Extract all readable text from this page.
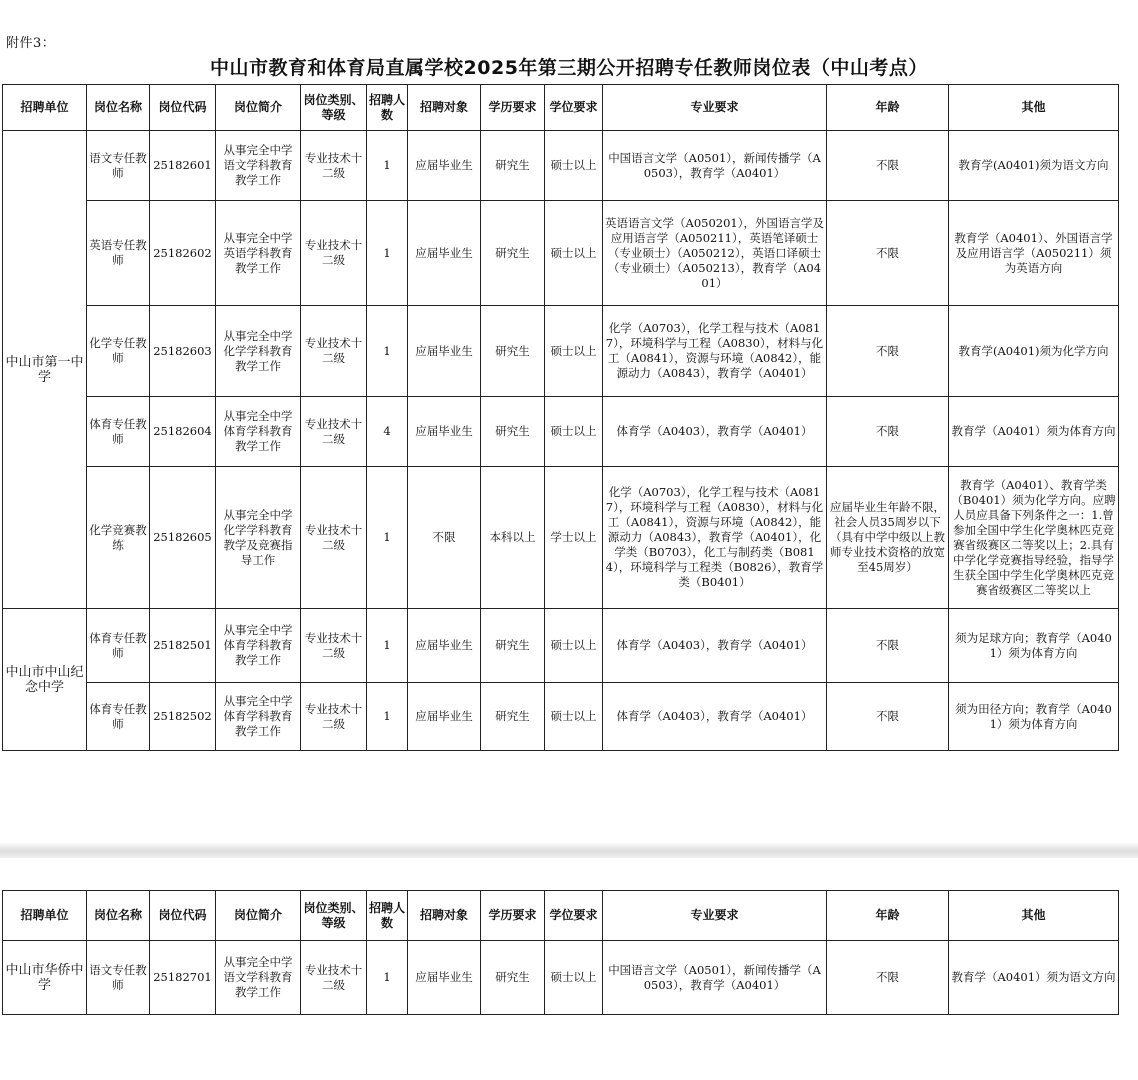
附件3：
中山市教育和体育局直属学校2025年第三期公开招聘专任教师岗位表（中山考点）
招聘单位	岗位名称	岗位代码	岗位简介	岗位类别、等级	招聘人数	招聘对象	学历要求	学位要求	专业要求	年龄	其他
中山市第一中学	语文专任教师	25182601	从事完全中学语文学科教育教学工作	专业技术十二级	1	应届毕业生	研究生	硕士以上	中国语言文学（A0501），新闻传播学（A0503），教育学（A0401）	不限	教育学(A0401)须为语文方向
	英语专任教师	25182602	从事完全中学英语学科教育教学工作	专业技术十二级	1	应届毕业生	研究生	硕士以上	英语语言文学（A050201），外国语言学及应用语言学（A050211），英语笔译硕士（专业硕士）（A050212），英语口译硕士（专业硕士）（A050213），教育学（A0401）	不限	教育学（A0401）、外国语言学及应用语言学（A050211）须为英语方向
	化学专任教师	25182603	从事完全中学化学学科教育教学工作	专业技术十二级	1	应届毕业生	研究生	硕士以上	化学（A0703），化学工程与技术（A0817），环境科学与工程（A0830），材料与化工（A0841），资源与环境（A0842），能源动力（A0843），教育学（A0401）	不限	教育学(A0401)须为化学方向
	体育专任教师	25182604	从事完全中学体育学科教育教学工作	专业技术十二级	4	应届毕业生	研究生	硕士以上	体育学（A0403），教育学（A0401）	不限	教育学（A0401）须为体育方向
	化学竞赛教练	25182605	从事完全中学化学学科教育教学及竞赛指导工作	专业技术十二级	1	不限	本科以上	学士以上	化学（A0703），化学工程与技术（A0817），环境科学与工程（A0830），材料与化工（A0841），资源与环境（A0842），能源动力（A0843），教育学（A0401），化学类（B0703），化工与制药类（B0814），环境科学与工程类（B0826），教育学类（B0401）	应届毕业生年龄不限，社会人员35周岁以下（具有中学中级以上教师专业技术资格的放宽至45周岁）	教育学（A0401）、教育学类（B0401）须为化学方向。应聘人员应具备下列条件之一：1.曾参加全国中学生化学奥林匹克竞赛省级赛区二等奖以上；2.具有中学化学竞赛指导经验，指导学生获全国中学生化学奥林匹克竞赛省级赛区二等奖以上
中山市中山纪念中学	体育专任教师	25182501	从事完全中学体育学科教育教学工作	专业技术十二级	1	应届毕业生	研究生	硕士以上	体育学（A0403），教育学（A0401）	不限	须为足球方向；教育学（A0401）须为体育方向
	体育专任教师	25182502	从事完全中学体育学科教育教学工作	专业技术十二级	1	应届毕业生	研究生	硕士以上	体育学（A0403），教育学（A0401）	不限	须为田径方向；教育学（A0401）须为体育方向
招聘单位	岗位名称	岗位代码	岗位简介	岗位类别、等级	招聘人数	招聘对象	学历要求	学位要求	专业要求	年龄	其他
中山市华侨中学	语文专任教师	25182701	从事完全中学语文学科教育教学工作	专业技术十二级	1	应届毕业生	研究生	硕士以上	中国语言文学（A0501），新闻传播学（A0503），教育学（A0401）	不限	教育学（A0401）须为语文方向
